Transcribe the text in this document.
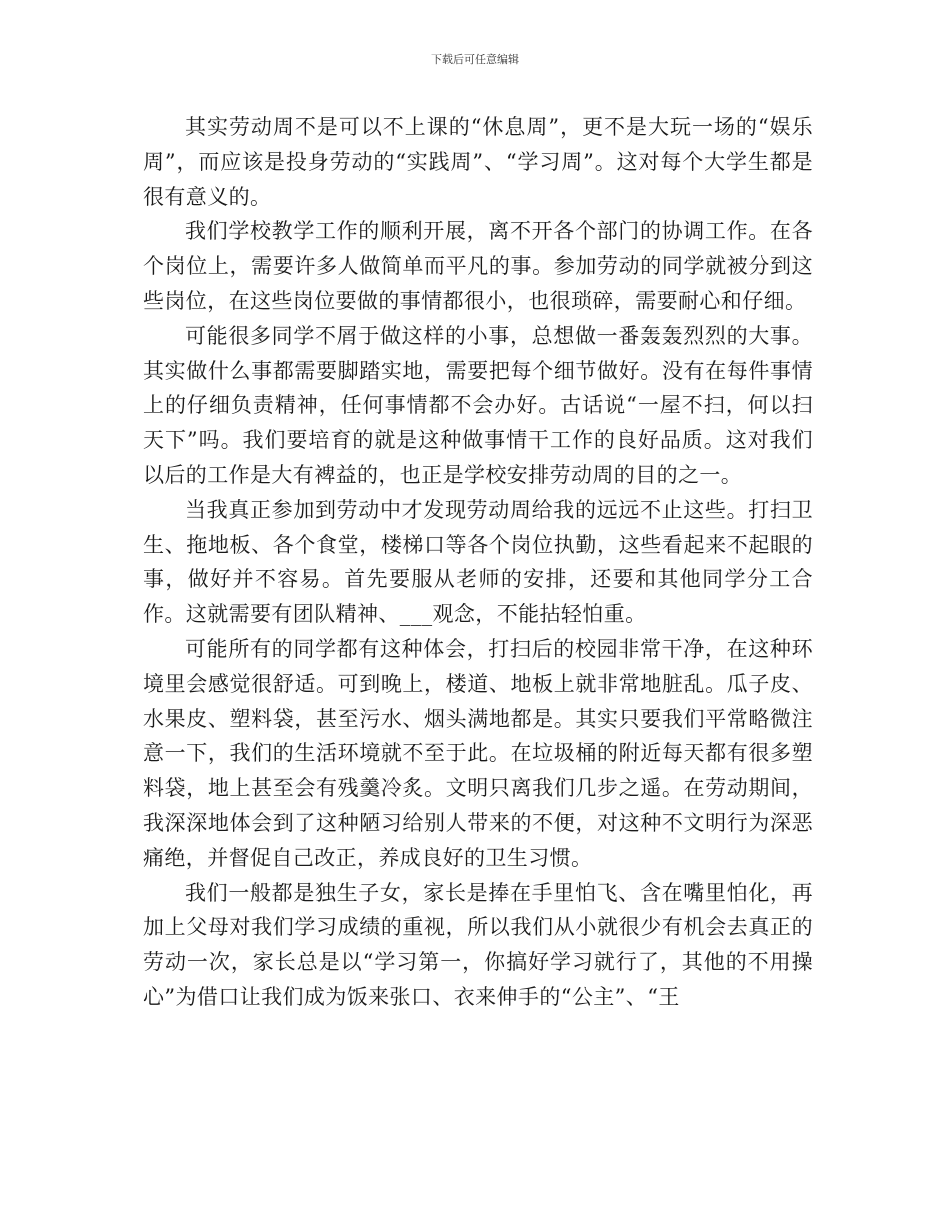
下载后可任意编辑

其实劳动周不是可以不上课的“休息周”，更不是大玩一场的“娱乐周”，而应该是投身劳动的“实践周”、“学习周”。这对每个大学生都是很有意义的。

我们学校教学工作的顺利开展，离不开各个部门的协调工作。在各个岗位上，需要许多人做简单而平凡的事。参加劳动的同学就被分到这些岗位，在这些岗位要做的事情都很小，也很琐碎，需要耐心和仔细。

可能很多同学不屑于做这样的小事，总想做一番轰轰烈烈的大事。其实做什么事都需要脚踏实地，需要把每个细节做好。没有在每件事情上的仔细负责精神，任何事情都不会办好。古话说“一屋不扫，何以扫天下”吗。我们要培育的就是这种做事情干工作的良好品质。这对我们以后的工作是大有裨益的，也正是学校安排劳动周的目的之一。

当我真正参加到劳动中才发现劳动周给我的远远不止这些。打扫卫生、拖地板、各个食堂，楼梯口等各个岗位执勤，这些看起来不起眼的事，做好并不容易。首先要服从老师的安排，还要和其他同学分工合作。这就需要有团队精神、___观念，不能拈轻怕重。

可能所有的同学都有这种体会，打扫后的校园非常干净，在这种环境里会感觉很舒适。可到晚上，楼道、地板上就非常地脏乱。瓜子皮、水果皮、塑料袋，甚至污水、烟头满地都是。其实只要我们平常略微注意一下，我们的生活环境就不至于此。在垃圾桶的附近每天都有很多塑料袋，地上甚至会有残羹冷炙。文明只离我们几步之遥。在劳动期间，我深深地体会到了这种陋习给别人带来的不便，对这种不文明行为深恶痛绝，并督促自己改正，养成良好的卫生习惯。

我们一般都是独生子女，家长是捧在手里怕飞、含在嘴里怕化，再加上父母对我们学习成绩的重视，所以我们从小就很少有机会去真正的劳动一次，家长总是以“学习第一，你搞好学习就行了，其他的不用操心”为借口让我们成为饭来张口、衣来伸手的“公主”、“王
